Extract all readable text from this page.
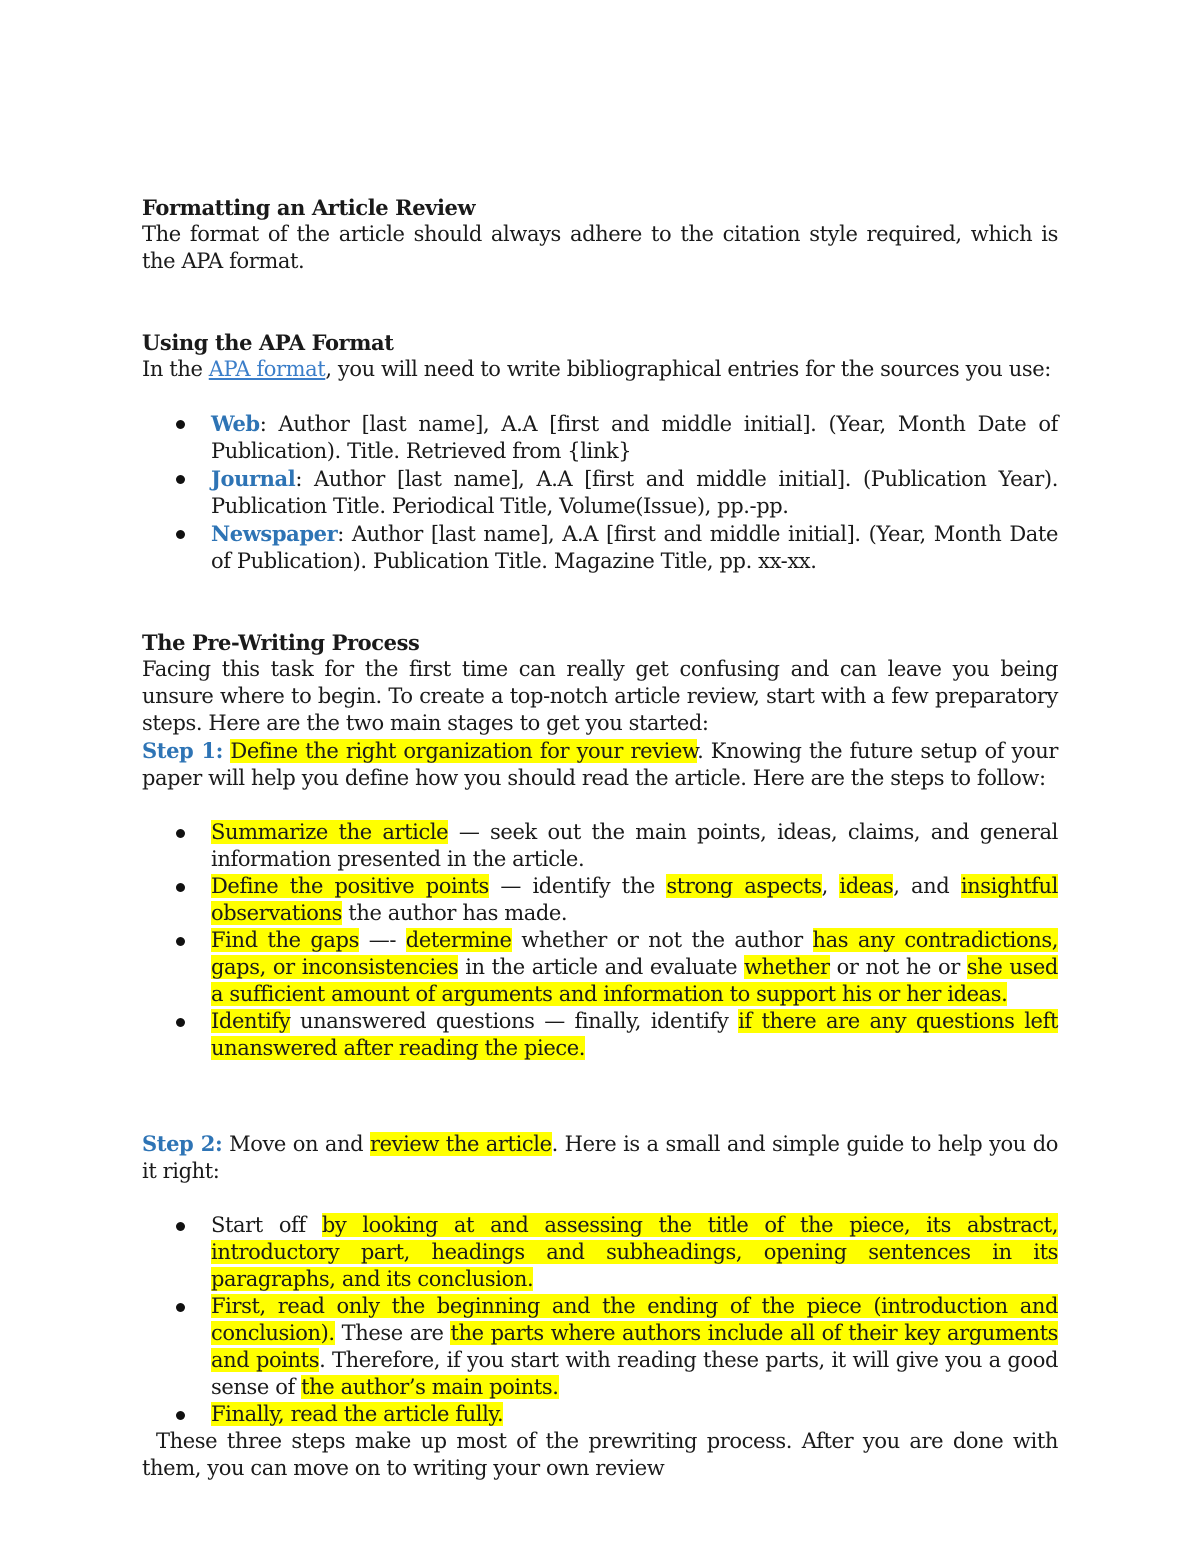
Formatting an Article Review

The format of the article should always adhere to the citation style required, which is the APA format.

Using the APA Format

In the APA format, you will need to write bibliographical entries for the sources you use:

Web: Author [last name], A.A [first and middle initial]. (Year, Month Date of Publication). Title. Retrieved from {link}
Journal: Author [last name], A.A [first and middle initial]. (Publication Year). Publication Title. Periodical Title, Volume(Issue), pp.-pp.
Newspaper: Author [last name], A.A [first and middle initial]. (Year, Month Date of Publication). Publication Title. Magazine Title, pp. xx-xx.
The Pre-Writing Process

Facing this task for the first time can really get confusing and can leave you being unsure where to begin. To create a top-notch article review, start with a few preparatory steps. Here are the two main stages to get you started:

Step 1: Define the right organization for your review. Knowing the future setup of your paper will help you define how you should read the article. Here are the steps to follow:

Summarize the article — seek out the main points, ideas, claims, and general information presented in the article.
Define the positive points — identify the strong aspects, ideas, and insightful observations the author has made.
Find the gaps —- determine whether or not the author has any contradictions, gaps, or inconsistencies in the article and evaluate whether or not he or she used a sufficient amount of arguments and information to support his or her ideas.
Identify unanswered questions — finally, identify if there are any questions left unanswered after reading the piece.

Step 2: Move on and review the article. Here is a small and simple guide to help you do it right:

Start off by looking at and assessing the title of the piece, its abstract, introductory part, headings and subheadings, opening sentences in its paragraphs, and its conclusion.
First, read only the beginning and the ending of the piece (introduction and conclusion). These are the parts where authors include all of their key arguments and points. Therefore, if you start with reading these parts, it will give you a good sense of the author’s main points.
Finally, read the article fully.

These three steps make up most of the prewriting process. After you are done with them, you can move on to writing your own review
